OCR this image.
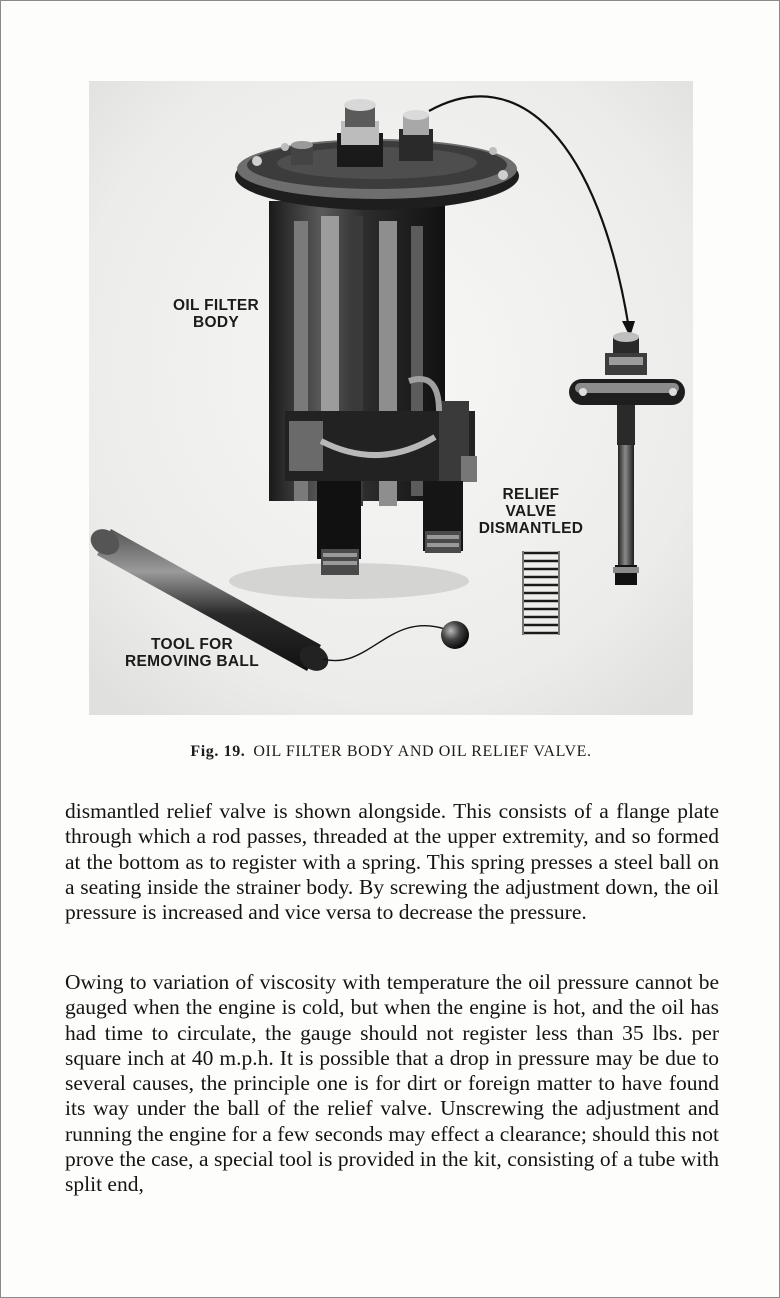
OIL FILTER
BODY
RELIEF
VALVE
DISMANTLED
TOOL FOR
REMOVING BALL
Fig. 19. OIL FILTER BODY AND OIL RELIEF VALVE.

dismantled relief valve is shown alongside. This consists of a flange plate through which a rod passes, threaded at the upper extremity, and so formed at the bottom as to register with a spring. This spring presses a steel ball on a seating inside the strainer body. By screwing the adjustment down, the oil pressure is increased and vice versa to decrease the pressure.

Owing to variation of viscosity with temperature the oil pressure cannot be gauged when the engine is cold, but when the engine is hot, and the oil has had time to circulate, the gauge should not register less than 35 lbs. per square inch at 40 m.p.h. It is possible that a drop in pressure may be due to several causes, the principle one is for dirt or foreign matter to have found its way under the ball of the relief valve. Unscrewing the adjustment and running the engine for a few seconds may effect a clearance; should this not prove the case, a special tool is provided in the kit, consisting of a tube with split end,
